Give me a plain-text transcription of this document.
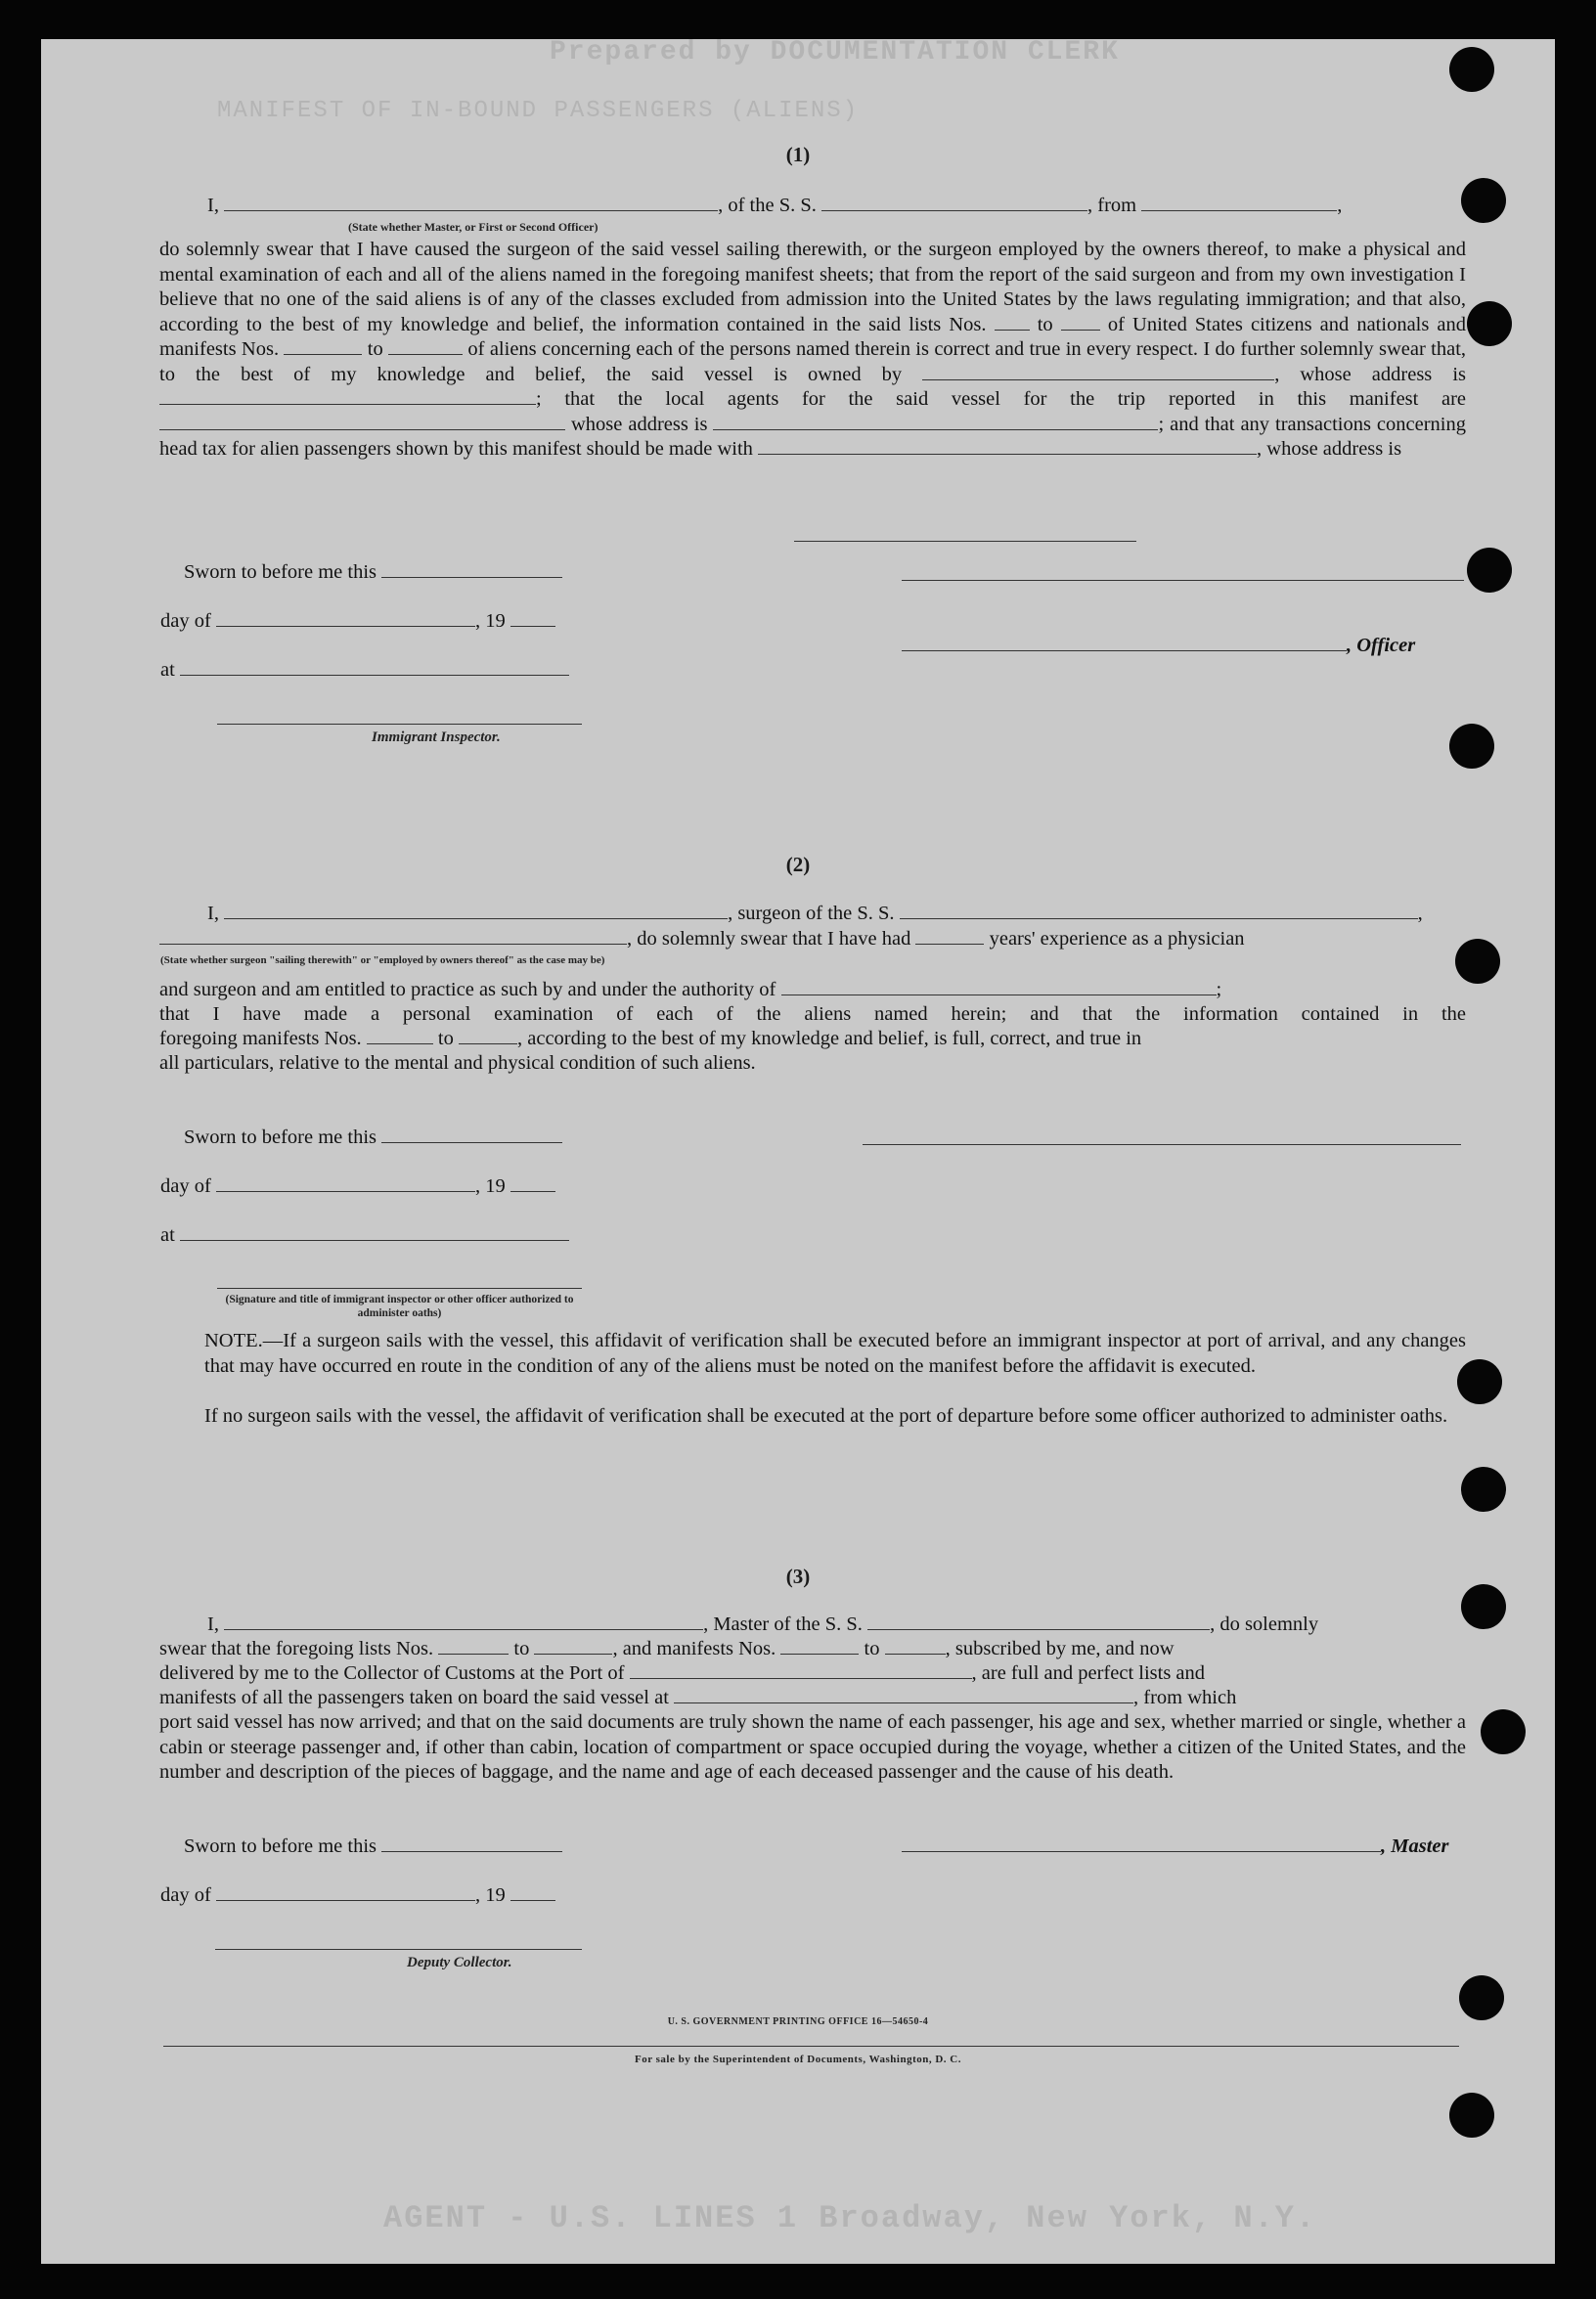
Prepared by DOCUMENTATION CLERK
MANIFEST OF IN-BOUND PASSENGERS (ALIENS)
AGENT - U.S. LINES 1 Broadway, New York, N.Y.
(1)
I,	, of the S. S.	, from	,
(State whether Master, or First or Second Officer)
do solemnly swear that I have caused the surgeon of the said vessel sailing therewith, or the surgeon employed by the owners thereof, to make a physical and mental examination of each and all of the aliens named in the foregoing manifest sheets; that from the report of the said surgeon and from my own investigation I believe that no one of the said aliens is of any of the classes excluded from admission into the United States by the laws regulating immigration; and that also, according to the best of my knowledge and belief, the information contained in the said lists Nos.	to	of United States citizens and nationals and manifests Nos.	to	of aliens concerning each of the persons named therein is correct and true in every respect. I do further solemnly swear that, to the best of my knowledge and belief, the said vessel is owned by	, whose address is ; that the local agents for the said vessel for the trip reported in this manifest are  whose address is	; and that any transactions concerning head tax for alien passengers shown by this manifest should be made with	, whose address is
Sworn to before me this
day of	, 19
, Officer
at
Immigrant Inspector.
(2)
I,	, surgeon of the S. S.	,
, do solemnly swear that I have had	years' experience as a physician
(State whether surgeon "sailing therewith" or "employed by owners thereof" as the case may be)
and surgeon and am entitled to practice as such by and under the authority of	;
that I have made a personal examination of each of the aliens named herein; and that the information contained in the
foregoing manifests Nos.	to	, according to the best of my knowledge and belief, is full, correct, and true in
all particulars, relative to the mental and physical condition of such aliens.
Sworn to before me this
day of	, 19
at
(Signature and title of immigrant inspector or other officer authorized to administer oaths)
NOTE.—If a surgeon sails with the vessel, this affidavit of verification shall be executed before an immigrant inspector at port of arrival, and any changes that may have occurred en route in the condition of any of the aliens must be noted on the manifest before the affidavit is executed.
If no surgeon sails with the vessel, the affidavit of verification shall be executed at the port of departure before some officer authorized to administer oaths.
(3)
I,	, Master of the S. S.	, do solemnly
swear that the foregoing lists Nos.	to	, and manifests Nos.	to	, subscribed by me, and now
delivered by me to the Collector of Customs at the Port of	, are full and perfect lists and
manifests of all the passengers taken on board the said vessel at	, from which
port said vessel has now arrived; and that on the said documents are truly shown the name of each passenger, his age and sex, whether married or single, whether a cabin or steerage passenger and, if other than cabin, location of compartment or space occupied during the voyage, whether a citizen of the United States, and the number and description of the pieces of baggage, and the name and age of each deceased passenger and the cause of his death.
Sworn to before me this	, Master
day of	, 19
Deputy Collector.
U. S. GOVERNMENT PRINTING OFFICE 16—54650-4
For sale by the Superintendent of Documents, Washington, D. C.
